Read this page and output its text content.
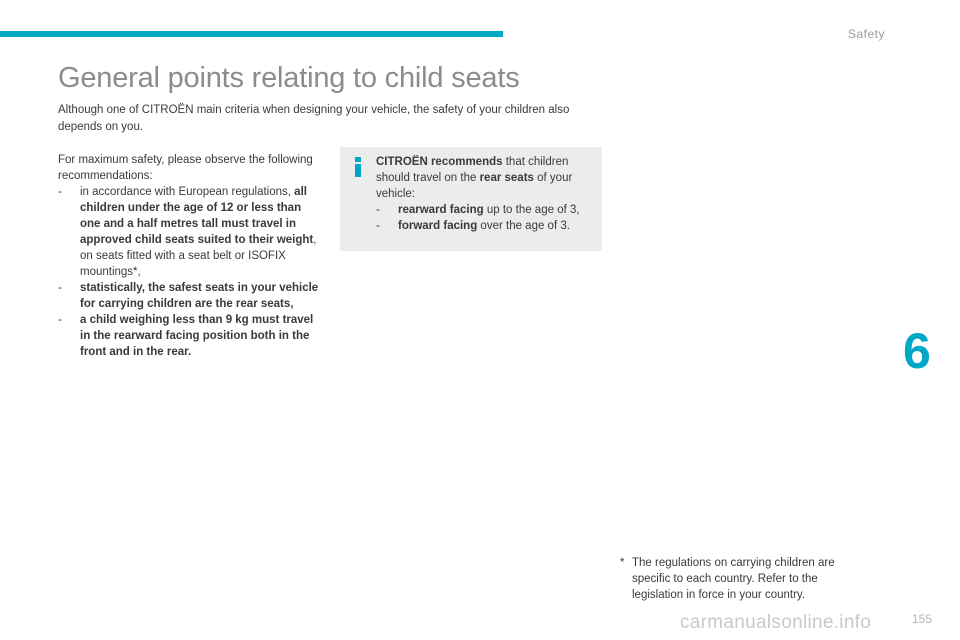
Safety
General points relating to child seats

Although one of CITROËN main criteria when designing your vehicle, the safety of your children also depends on you.

For maximum safety, please observe the following recommendations:

- in accordance with European regulations, all children under the age of 12 or less than one and a half metres tall must travel in approved child seats suited to their weight, on seats fitted with a seat belt or ISOFIX mountings*,
- statistically, the safest seats in your vehicle for carrying children are the rear seats,
- a child weighing less than 9 kg must travel in the rearward facing position both in the front and in the rear.

CITROËN recommends that children should travel on the rear seats of your vehicle:

- rearward facing up to the age of 3,
- forward facing over the age of 3.
6
* The regulations on carrying children are specific to each country. Refer to the legislation in force in your country.
carmanualsonline.info	155
